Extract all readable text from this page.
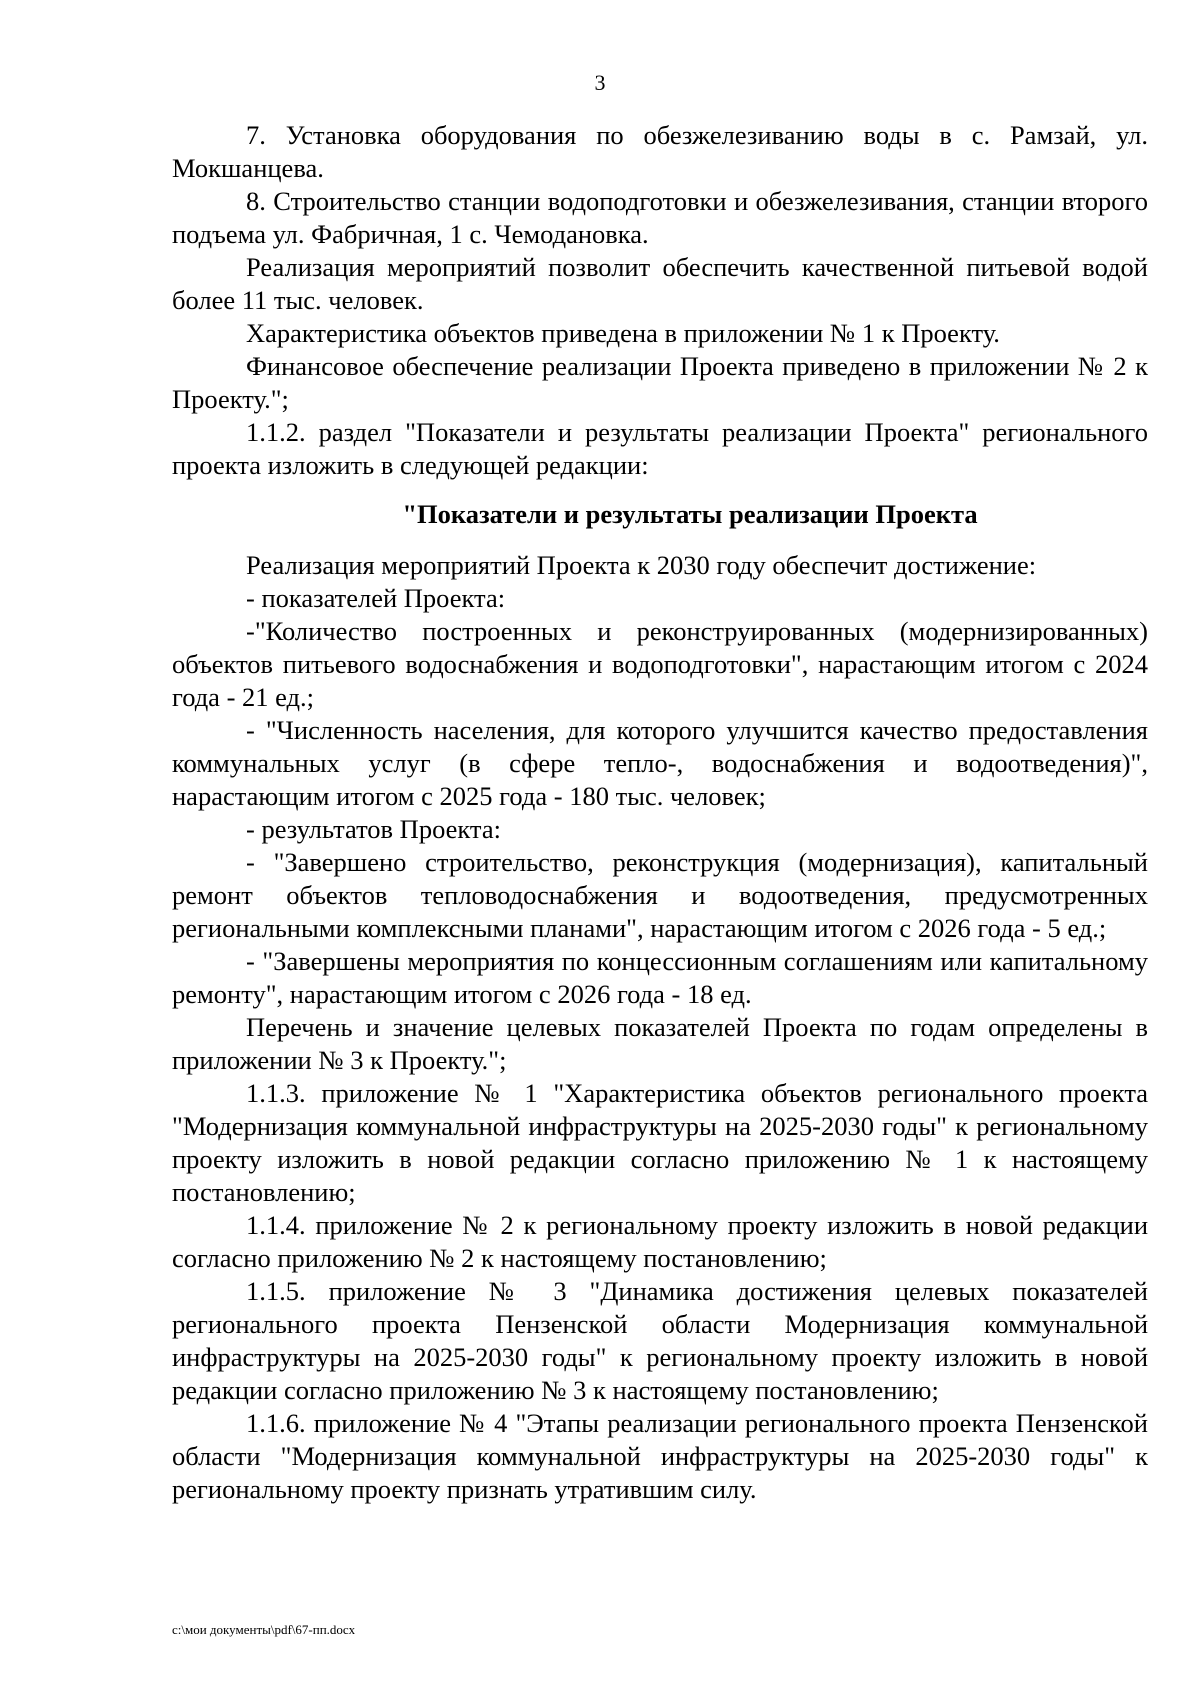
3

7. Установка оборудования по обезжелезиванию воды в с. Рамзай, ул. Мокшанцева.

8. Строительство станции водоподготовки и обезжелезивания, станции второго подъема ул. Фабричная, 1 с. Чемодановка.

Реализация мероприятий позволит обеспечить качественной питьевой водой более 11 тыс. человек.

Характеристика объектов приведена в приложении № 1 к Проекту.

Финансовое обеспечение реализации Проекта приведено в приложении № 2 к Проекту.";

1.1.2. раздел "Показатели и результаты реализации Проекта" регионального проекта изложить в следующей редакции:

"Показатели и результаты реализации Проекта

Реализация мероприятий Проекта к 2030 году обеспечит достижение:

- показателей Проекта:

-"Количество построенных и реконструированных (модернизированных) объектов питьевого водоснабжения и водоподготовки", нарастающим итогом с 2024 года - 21 ед.;

- "Численность населения, для которого улучшится качество предоставления коммунальных услуг (в сфере тепло-, водоснабжения и водоотведения)", нарастающим итогом с 2025 года - 180 тыс. человек;

- результатов Проекта:

- "Завершено строительство, реконструкция (модернизация), капитальный ремонт объектов тепловодоснабжения и водоотведения, предусмотренных региональными комплексными планами", нарастающим итогом с 2026 года - 5 ед.;

- "Завершены мероприятия по концессионным соглашениям или капитальному ремонту", нарастающим итогом с 2026 года - 18 ед.

Перечень и значение целевых показателей Проекта по годам определены в приложении № 3 к Проекту.";

1.1.3. приложение № 1 "Характеристика объектов регионального проекта "Модернизация коммунальной инфраструктуры на 2025-2030 годы" к региональному проекту изложить в новой редакции согласно приложению № 1 к настоящему постановлению;

1.1.4. приложение № 2 к региональному проекту изложить в новой редакции согласно приложению № 2 к настоящему постановлению;

1.1.5. приложение № 3 "Динамика достижения целевых показателей регионального проекта Пензенской области Модернизация коммунальной инфраструктуры на 2025-2030 годы" к региональному проекту изложить в новой редакции согласно приложению № 3 к настоящему постановлению;

1.1.6. приложение № 4 "Этапы реализации регионального проекта Пензенской области "Модернизация коммунальной инфраструктуры на 2025-2030 годы" к региональному проекту признать утратившим силу.

c:\мои документы\pdf\67-пп.docx
